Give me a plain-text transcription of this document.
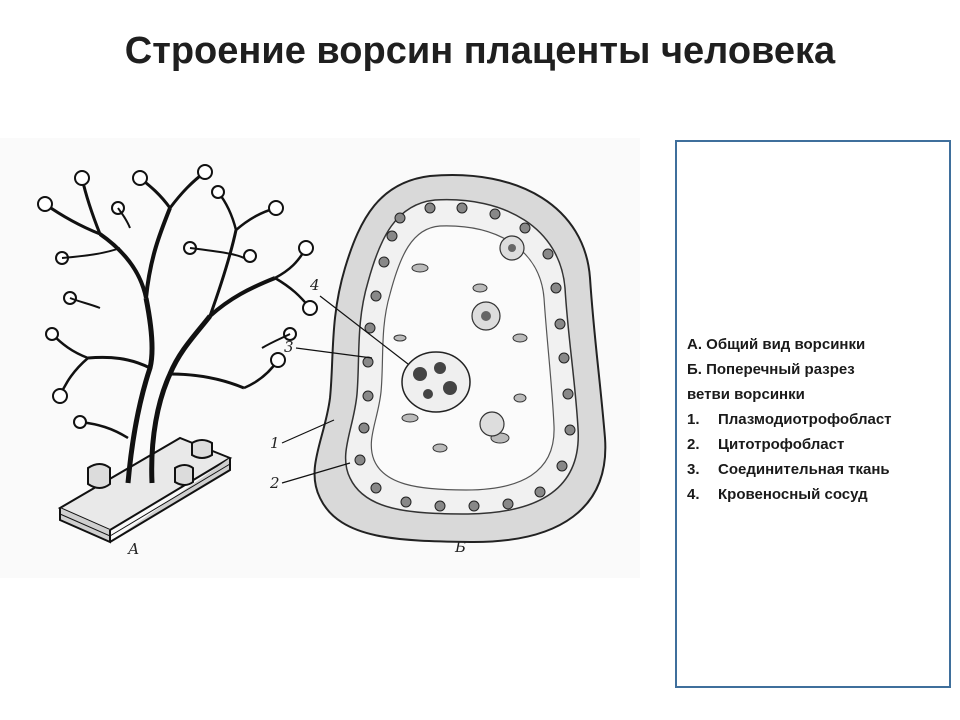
Строение ворсин плаценты человека
А	Б
4
3
1
2
А. Общий вид ворсинки
Б. Поперечный разрез
ветви ворсинки
1.	Плазмодиотрофобласт
2.	Цитотрофобласт
3.	Соединительная ткань
4.	Кровеносный сосуд
